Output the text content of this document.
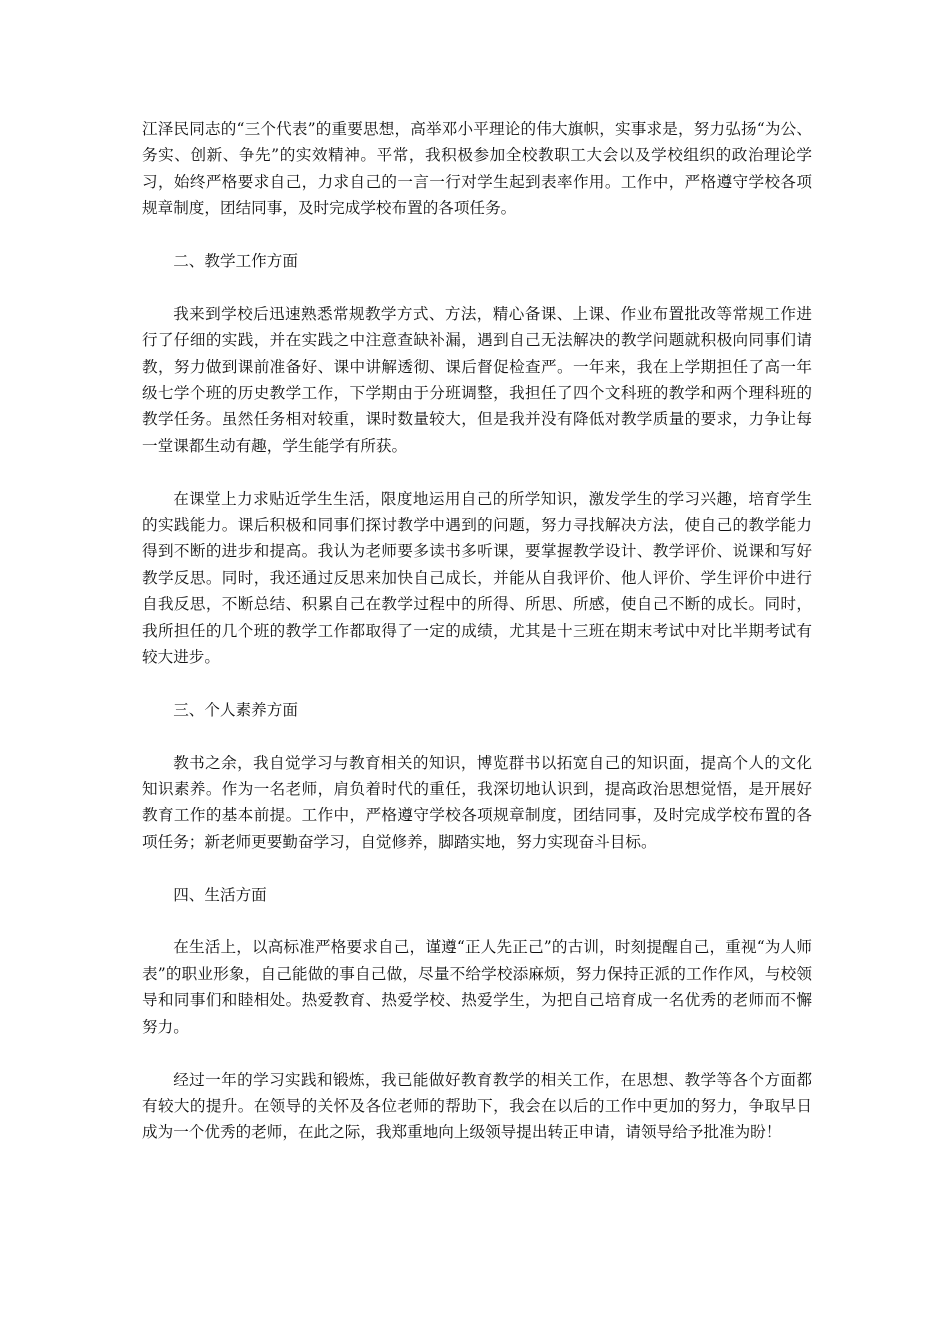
江泽民同志的“三个代表”的重要思想，高举邓小平理论的伟大旗帜，实事求是，努力弘扬“为公、务实、创新、争先”的实效精神。平常，我积极参加全校教职工大会以及学校组织的政治理论学习，始终严格要求自己，力求自己的一言一行对学生起到表率作用。工作中，严格遵守学校各项规章制度，团结同事，及时完成学校布置的各项任务。

二、教学工作方面

我来到学校后迅速熟悉常规教学方式、方法，精心备课、上课、作业布置批改等常规工作进行了仔细的实践，并在实践之中注意查缺补漏，遇到自己无法解决的教学问题就积极向同事们请教，努力做到课前准备好、课中讲解透彻、课后督促检查严。一年来，我在上学期担任了高一年级七学个班的历史教学工作，下学期由于分班调整，我担任了四个文科班的教学和两个理科班的教学任务。虽然任务相对较重，课时数量较大，但是我并没有降低对教学质量的要求，力争让每一堂课都生动有趣，学生能学有所获。

在课堂上力求贴近学生生活，限度地运用自己的所学知识，激发学生的学习兴趣，培育学生的实践能力。课后积极和同事们探讨教学中遇到的问题，努力寻找解决方法，使自己的教学能力得到不断的进步和提高。我认为老师要多读书多听课，要掌握教学设计、教学评价、说课和写好教学反思。同时，我还通过反思来加快自己成长，并能从自我评价、他人评价、学生评价中进行自我反思，不断总结、积累自己在教学过程中的所得、所思、所感，使自己不断的成长。同时，我所担任的几个班的教学工作都取得了一定的成绩，尤其是十三班在期末考试中对比半期考试有较大进步。

三、个人素养方面

教书之余，我自觉学习与教育相关的知识，博览群书以拓宽自己的知识面，提高个人的文化知识素养。作为一名老师，肩负着时代的重任，我深切地认识到，提高政治思想觉悟，是开展好教育工作的基本前提。工作中，严格遵守学校各项规章制度，团结同事，及时完成学校布置的各项任务；新老师更要勤奋学习，自觉修养，脚踏实地，努力实现奋斗目标。

四、生活方面

在生活上，以高标准严格要求自己，谨遵“正人先正己”的古训，时刻提醒自己，重视“为人师表”的职业形象，自己能做的事自己做，尽量不给学校添麻烦，努力保持正派的工作作风，与校领导和同事们和睦相处。热爱教育、热爱学校、热爱学生，为把自己培育成一名优秀的老师而不懈努力。

经过一年的学习实践和锻炼，我已能做好教育教学的相关工作，在思想、教学等各个方面都有较大的提升。在领导的关怀及各位老师的帮助下，我会在以后的工作中更加的努力，争取早日成为一个优秀的老师，在此之际，我郑重地向上级领导提出转正申请，请领导给予批准为盼！
